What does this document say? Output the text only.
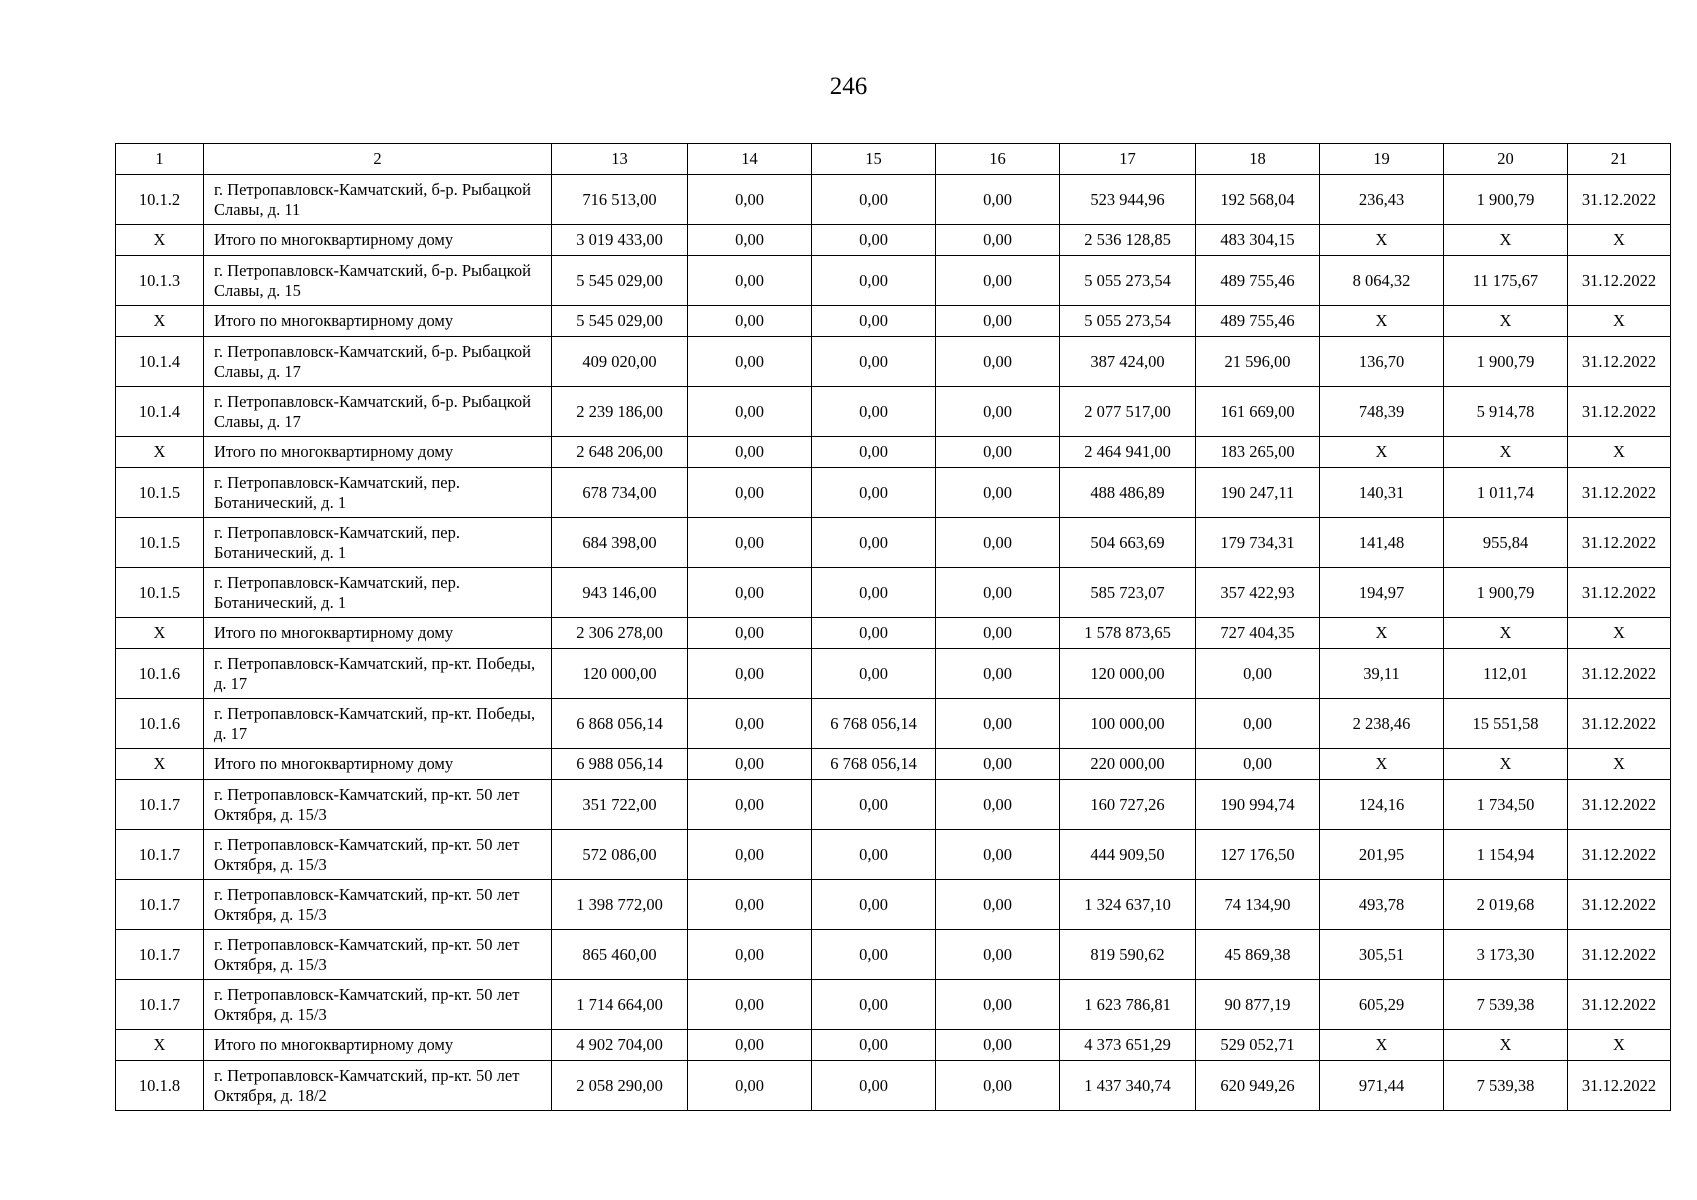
246
1	2	13	14	15	16	17	18	19	20	21
10.1.2	г. Петропавловск-Камчатский, б-р. Рыбацкой Славы, д. 11	716 513,00	0,00	0,00	0,00	523 944,96	192 568,04	236,43	1 900,79	31.12.2022
X	Итого по многоквартирному дому	3 019 433,00	0,00	0,00	0,00	2 536 128,85	483 304,15	X	X	X
10.1.3	г. Петропавловск-Камчатский, б-р. Рыбацкой Славы, д. 15	5 545 029,00	0,00	0,00	0,00	5 055 273,54	489 755,46	8 064,32	11 175,67	31.12.2022
X	Итого по многоквартирному дому	5 545 029,00	0,00	0,00	0,00	5 055 273,54	489 755,46	X	X	X
10.1.4	г. Петропавловск-Камчатский, б-р. Рыбацкой Славы, д. 17	409 020,00	0,00	0,00	0,00	387 424,00	21 596,00	136,70	1 900,79	31.12.2022
10.1.4	г. Петропавловск-Камчатский, б-р. Рыбацкой Славы, д. 17	2 239 186,00	0,00	0,00	0,00	2 077 517,00	161 669,00	748,39	5 914,78	31.12.2022
X	Итого по многоквартирному дому	2 648 206,00	0,00	0,00	0,00	2 464 941,00	183 265,00	X	X	X
10.1.5	г. Петропавловск-Камчатский, пер. Ботанический, д. 1	678 734,00	0,00	0,00	0,00	488 486,89	190 247,11	140,31	1 011,74	31.12.2022
10.1.5	г. Петропавловск-Камчатский, пер. Ботанический, д. 1	684 398,00	0,00	0,00	0,00	504 663,69	179 734,31	141,48	955,84	31.12.2022
10.1.5	г. Петропавловск-Камчатский, пер. Ботанический, д. 1	943 146,00	0,00	0,00	0,00	585 723,07	357 422,93	194,97	1 900,79	31.12.2022
X	Итого по многоквартирному дому	2 306 278,00	0,00	0,00	0,00	1 578 873,65	727 404,35	X	X	X
10.1.6	г. Петропавловск-Камчатский, пр-кт. Победы, д. 17	120 000,00	0,00	0,00	0,00	120 000,00	0,00	39,11	112,01	31.12.2022
10.1.6	г. Петропавловск-Камчатский, пр-кт. Победы, д. 17	6 868 056,14	0,00	6 768 056,14	0,00	100 000,00	0,00	2 238,46	15 551,58	31.12.2022
X	Итого по многоквартирному дому	6 988 056,14	0,00	6 768 056,14	0,00	220 000,00	0,00	X	X	X
10.1.7	г. Петропавловск-Камчатский, пр-кт. 50 лет Октября, д. 15/3	351 722,00	0,00	0,00	0,00	160 727,26	190 994,74	124,16	1 734,50	31.12.2022
10.1.7	г. Петропавловск-Камчатский, пр-кт. 50 лет Октября, д. 15/3	572 086,00	0,00	0,00	0,00	444 909,50	127 176,50	201,95	1 154,94	31.12.2022
10.1.7	г. Петропавловск-Камчатский, пр-кт. 50 лет Октября, д. 15/3	1 398 772,00	0,00	0,00	0,00	1 324 637,10	74 134,90	493,78	2 019,68	31.12.2022
10.1.7	г. Петропавловск-Камчатский, пр-кт. 50 лет Октября, д. 15/3	865 460,00	0,00	0,00	0,00	819 590,62	45 869,38	305,51	3 173,30	31.12.2022
10.1.7	г. Петропавловск-Камчатский, пр-кт. 50 лет Октября, д. 15/3	1 714 664,00	0,00	0,00	0,00	1 623 786,81	90 877,19	605,29	7 539,38	31.12.2022
X	Итого по многоквартирному дому	4 902 704,00	0,00	0,00	0,00	4 373 651,29	529 052,71	X	X	X
10.1.8	г. Петропавловск-Камчатский, пр-кт. 50 лет Октября, д. 18/2	2 058 290,00	0,00	0,00	0,00	1 437 340,74	620 949,26	971,44	7 539,38	31.12.2022
